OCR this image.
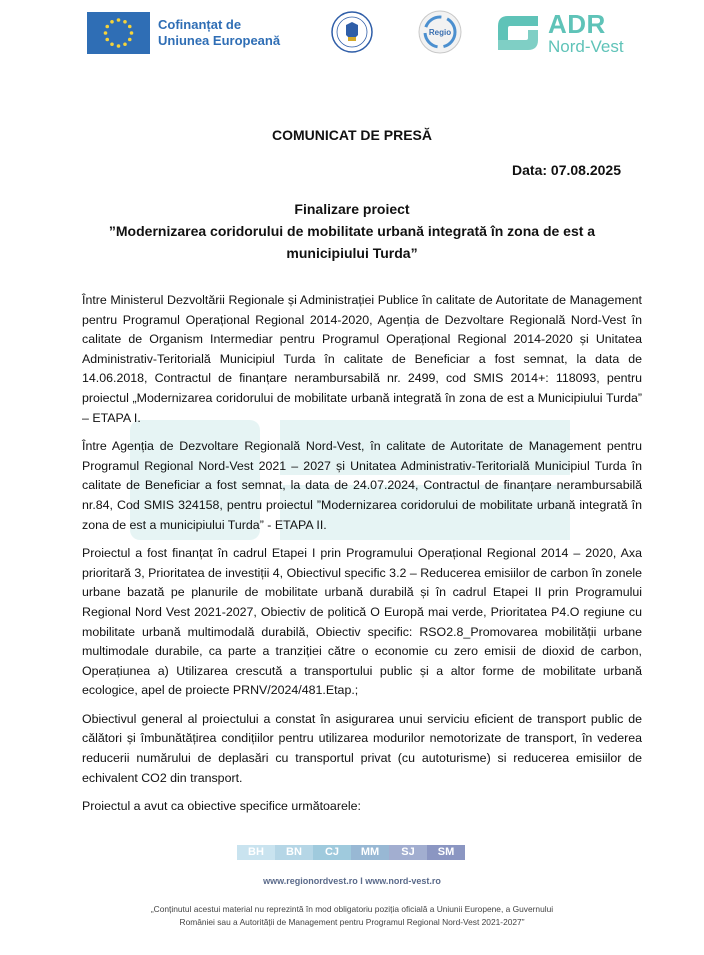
Cofinanțat de
Uniunea Europeană
Regio	ADR
Nord-Vest
COMUNICAT DE PRESĂ
Data: 07.08.2025
Finalizare proiect
”Modernizarea coridorului de mobilitate urbană integrată în zona de est a
municipiului Turda”

Între Ministerul Dezvoltării Regionale și Administrației Publice în calitate de Autoritate de Management pentru Programul Operațional Regional 2014-2020, Agenția de Dezvoltare Regională Nord-Vest în calitate de Organism Intermediar pentru Programul Operațional Regional 2014-2020 și Unitatea Administrativ-Teritorială Municipiul Turda în calitate de Beneficiar a fost semnat, la data de 14.06.2018, Contractul de finanțare nerambursabilă nr. 2499, cod SMIS 2014+: 118093, pentru proiectul „Modernizarea coridorului de mobilitate urbană integrată în zona de est a Municipiului Turda” – ETAPA I.

Între Agenția de Dezvoltare Regională Nord-Vest, în calitate de Autoritate de Management pentru Programul Regional Nord-Vest 2021 – 2027 și Unitatea Administrativ-Teritorială Municipiul Turda în calitate de Beneficiar a fost semnat, la data de 24.07.2024, Contractul de finanțare nerambursabilă nr.84, Cod SMIS 324158, pentru proiectul ”Modernizarea coridorului de mobilitate urbană integrată în zona de est a municipiului Turda” - ETAPA II.

Proiectul a fost finanțat în cadrul Etapei I prin Programului Operațional Regional 2014 – 2020, Axa prioritară 3, Prioritatea de investiții 4, Obiectivul specific 3.2 – Reducerea emisiilor de carbon în zonele urbane bazată pe planurile de mobilitate urbană durabilă și în cadrul Etapei II prin Programului Regional Nord Vest 2021-2027, Obiectiv de politică O Europă mai verde, Prioritatea P4.O regiune cu mobilitate urbană multimodală durabilă, Obiectiv specific: RSO2.8_Promovarea mobilității urbane multimodale durabile, ca parte a tranziției către o economie cu zero emisii de dioxid de carbon, Operațiunea a) Utilizarea crescută a transportului public și a altor forme de mobilitate urbană ecologice, apel de proiecte PRNV/2024/481.Etap.;

Obiectivul general al proiectului a constat în asigurarea unui serviciu eficient de transport public de călători și îmbunătățirea condițiilor pentru utilizarea modurilor nemotorizate de transport, în vederea reducerii numărului de deplasări cu transportul privat (cu autoturisme) si reducerea emisiilor de echivalent CO2 din transport.

Proiectul a avut ca obiective specifice următoarele:

BH	BN	CJ	MM	SJ	SM
www.regionordvest.ro I www.nord-vest.ro
„Conținutul acestui material nu reprezintă în mod obligatoriu poziția oficială a Uniunii Europene, a Guvernului
României sau a Autorității de Management pentru Programul Regional Nord-Vest 2021-2027”
